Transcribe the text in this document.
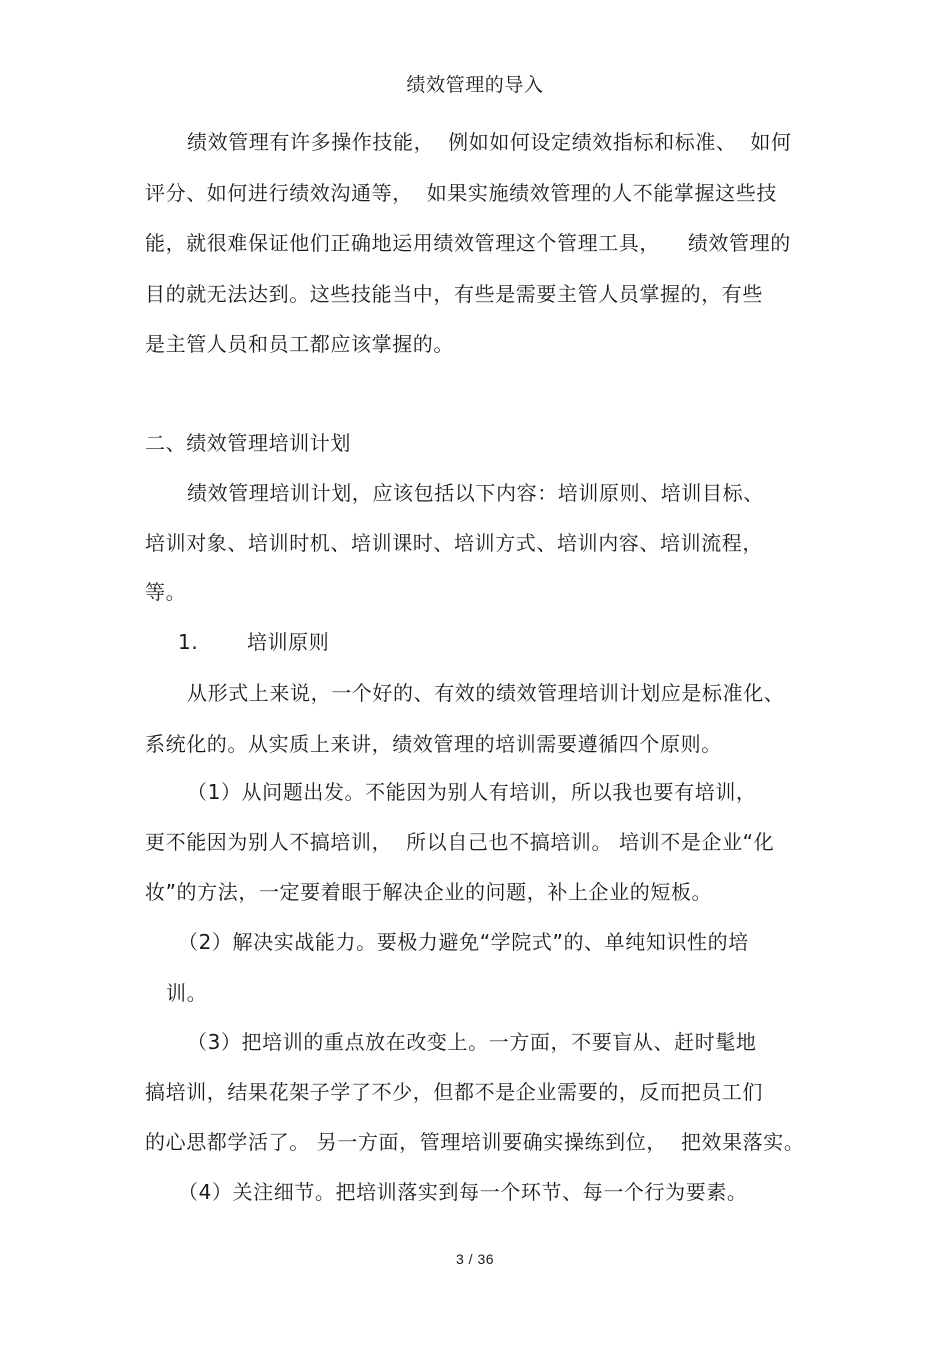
绩效管理的导入
绩效管理有许多操作技能，  例如如何设定绩效指标和标准、  如何
评分、如何进行绩效沟通等，  如果实施绩效管理的人不能掌握这些技
能，就很难保证他们正确地运用绩效管理这个管理工具，    绩效管理的
目的就无法达到。这些技能当中，有些是需要主管人员掌握的，有些
是主管人员和员工都应该掌握的。
二、绩效管理培训计划
绩效管理培训计划，应该包括以下内容：培训原则、培训目标、
培训对象、培训时机、培训课时、培训方式、培训内容、培训流程，
等。
1.       培训原则
从形式上来说，一个好的、有效的绩效管理培训计划应是标准化、
系统化的。从实质上来讲，绩效管理的培训需要遵循四个原则。
（1）从问题出发。不能因为别人有培训，所以我也要有培训，
更不能因为别人不搞培训，  所以自己也不搞培训。 培训不是企业“化
妆”的方法，一定要着眼于解决企业的问题，补上企业的短板。
（2）解决实战能力。要极力避免“学院式”的、单纯知识性的培
训。
（3）把培训的重点放在改变上。一方面，不要盲从、赶时髦地
搞培训，结果花架子学了不少，但都不是企业需要的，反而把员工们
的心思都学活了。 另一方面，管理培训要确实操练到位，  把效果落实。
（4）关注细节。把培训落实到每一个环节、每一个行为要素。
3 / 36
